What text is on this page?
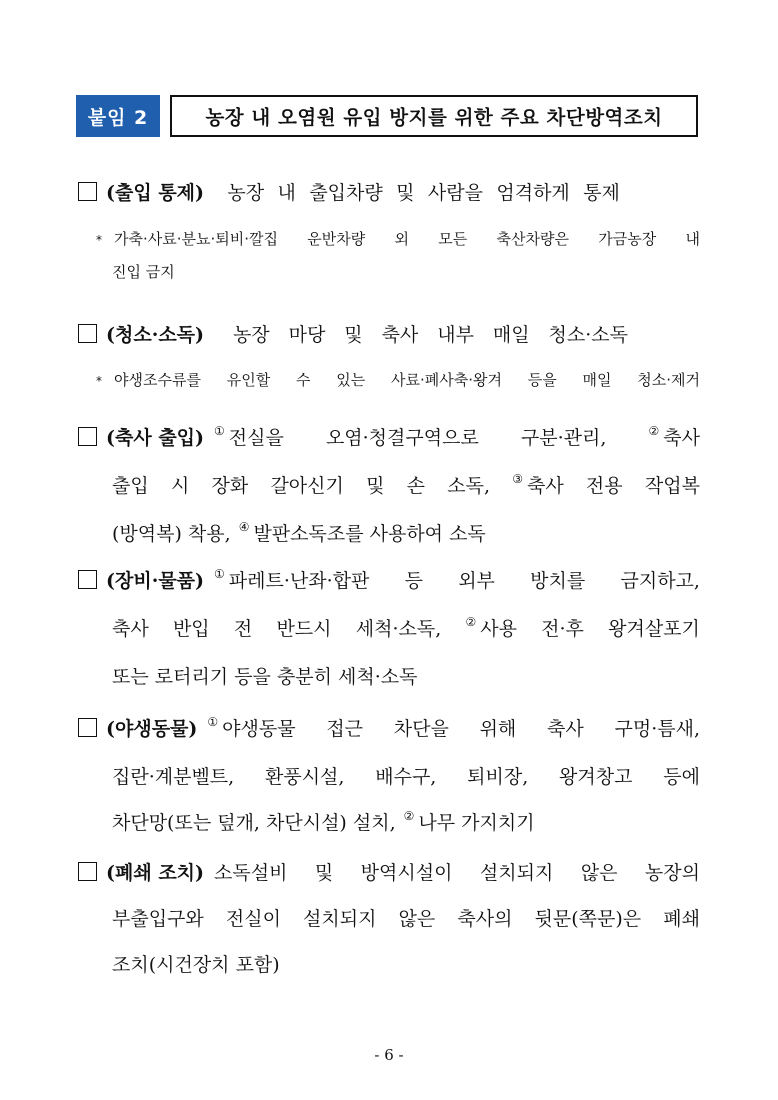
붙임 2	농장 내 오염원 유입 방지를 위한 주요 차단방역조치
(출입 통제) 농장 내 출입차량 및 사람을 엄격하게 통제
* 가축·사료·분뇨·퇴비·깔집 운반차량 외 모든 축산차량은 가금농장 내
진입 금지
(청소·소독) 농장 마당 및 축사 내부 매일 청소·소독
* 야생조수류를 유인할 수 있는 사료·폐사축·왕겨 등을 매일 청소·제거
(축사 출입) ① 전실을 오염·청결구역으로 구분·관리,	② 축사
출입 시 장화 갈아신기 및 손 소독, ③ 축사 전용 작업복
(방역복) 착용, ④ 발판소독조를 사용하여 소독
(장비·물품) ① 파레트·난좌·합판 등 외부 방치를 금지하고,
축사 반입 전 반드시 세척·소독, ② 사용 전·후 왕겨살포기
또는 로터리기 등을 충분히 세척·소독
(야생동물) ① 야생동물 접근 차단을 위해 축사 구멍·틈새,
집란·계분벨트, 환풍시설, 배수구, 퇴비장, 왕겨창고 등에
차단망(또는 덮개, 차단시설) 설치, ② 나무 가지치기
(폐쇄 조치) 소독설비 및 방역시설이 설치되지 않은 농장의
부출입구와 전실이 설치되지 않은 축사의 뒷문(쪽문)은 폐쇄
조치(시건장치 포함)
- 6 -
